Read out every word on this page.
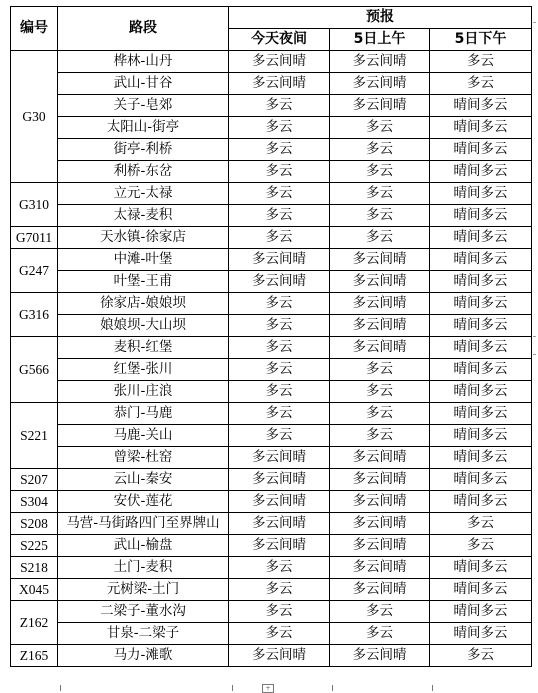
编号	路段	预报		
		今天夜间	5日上午	5日下午
G30	桦林-山丹	多云间晴	多云间晴	多云
	武山-甘谷	多云间晴	多云间晴	多云
	关子-皂郊	多云	多云间晴	晴间多云
	太阳山-街亭	多云	多云	晴间多云
	街亭-利桥	多云	多云	晴间多云
	利桥-东岔	多云	多云	晴间多云
G310	立元-太禄	多云	多云	晴间多云
	太禄-麦积	多云	多云	晴间多云
G7011	天水镇-徐家店	多云	多云	晴间多云
G247	中滩-叶堡	多云间晴	多云间晴	晴间多云
	叶堡-王甫	多云间晴	多云间晴	晴间多云
G316	徐家店-娘娘坝	多云	多云间晴	晴间多云
	娘娘坝-大山坝	多云	多云间晴	晴间多云
G566	麦积-红堡	多云	多云间晴	晴间多云
	红堡-张川	多云	多云	晴间多云
	张川-庄浪	多云	多云	晴间多云
S221	恭门-马鹿	多云	多云	晴间多云
	马鹿-关山	多云	多云	晴间多云
	曾梁-杜窑	多云间晴	多云间晴	晴间多云
S207	云山-秦安	多云间晴	多云间晴	晴间多云
S304	安伏-莲花	多云间晴	多云间晴	晴间多云
S208	马营-马街路四门至界牌山	多云间晴	多云间晴	多云
S225	武山-榆盘	多云间晴	多云间晴	多云
S218	土门-麦积	多云	多云间晴	晴间多云
X045	元树梁-土门	多云	多云间晴	晴间多云
Z162	二梁子-董水沟	多云	多云	晴间多云
	甘泉-二梁子	多云	多云	晴间多云
Z165	马力-滩歌	多云间晴	多云间晴	多云
+
